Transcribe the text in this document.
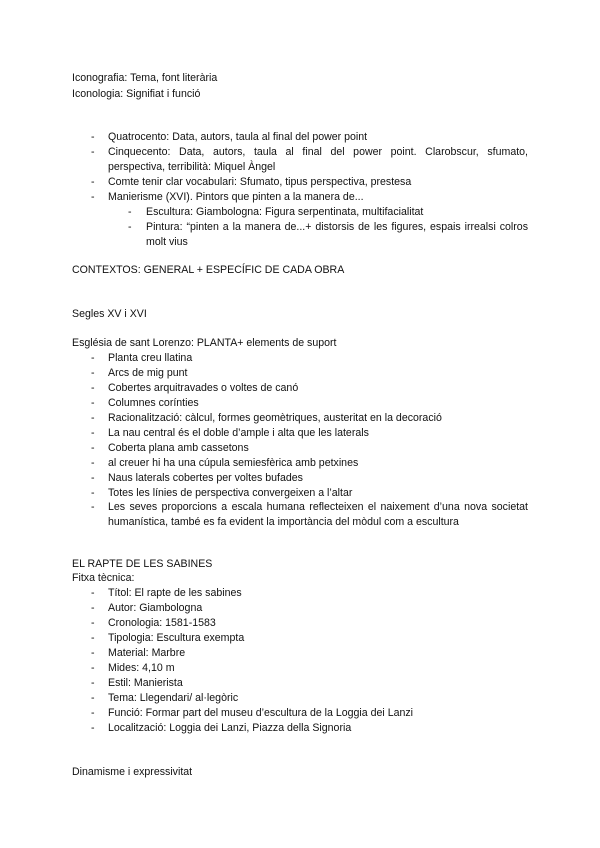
Iconografia: Tema, font literària
Iconologia: Signifiat i funció
- Quatrocento: Data, autors, taula al final del power point
- Cinquecento: Data, autors, taula al final del power point. Clarobscur, sfumato, perspectiva, terribilità: Miquel Àngel
- Comte tenir clar vocabulari: Sfumato, tipus perspectiva, prestesa
- Manierisme (XVI). Pintors que pinten a la manera de...
- Escultura: Giambologna: Figura serpentinata, multifacialitat
- Pintura: “pinten a la manera de...+ distorsis de les figures, espais irrealsi colros molt vius
CONTEXTOS: GENERAL + ESPECÍFIC DE CADA OBRA
Segles XV i XVI
Església de sant Lorenzo: PLANTA+ elements de suport
- Planta creu llatina
- Arcs de mig punt
- Cobertes arquitravades o voltes de canó
- Columnes corínties
- Racionalització: càlcul, formes geomètriques, austeritat en la decoració
- La nau central és el doble d’ample i alta que les laterals
- Coberta plana amb cassetons
- al creuer hi ha una cúpula semiesfèrica amb petxines
- Naus laterals cobertes per voltes bufades
- Totes les línies de perspectiva convergeixen a l’altar
- Les seves proporcions a escala humana reflecteixen el naixement d’una nova societat humanística, també es fa evident la importància del mòdul com a escultura
EL RAPTE DE LES SABINES
Fitxa tècnica:
- Títol: El rapte de les sabines
- Autor: Giambologna
- Cronologia: 1581-1583
- Tipologia: Escultura exempta
- Material: Marbre
- Mides: 4,10 m
- Estil: Manierista
- Tema: Llegendari/ al·legòric
- Funció: Formar part del museu d’escultura de la Loggia dei Lanzi
- Localització: Loggia dei Lanzi, Piazza della Signoria
Dinamisme i expressivitat
